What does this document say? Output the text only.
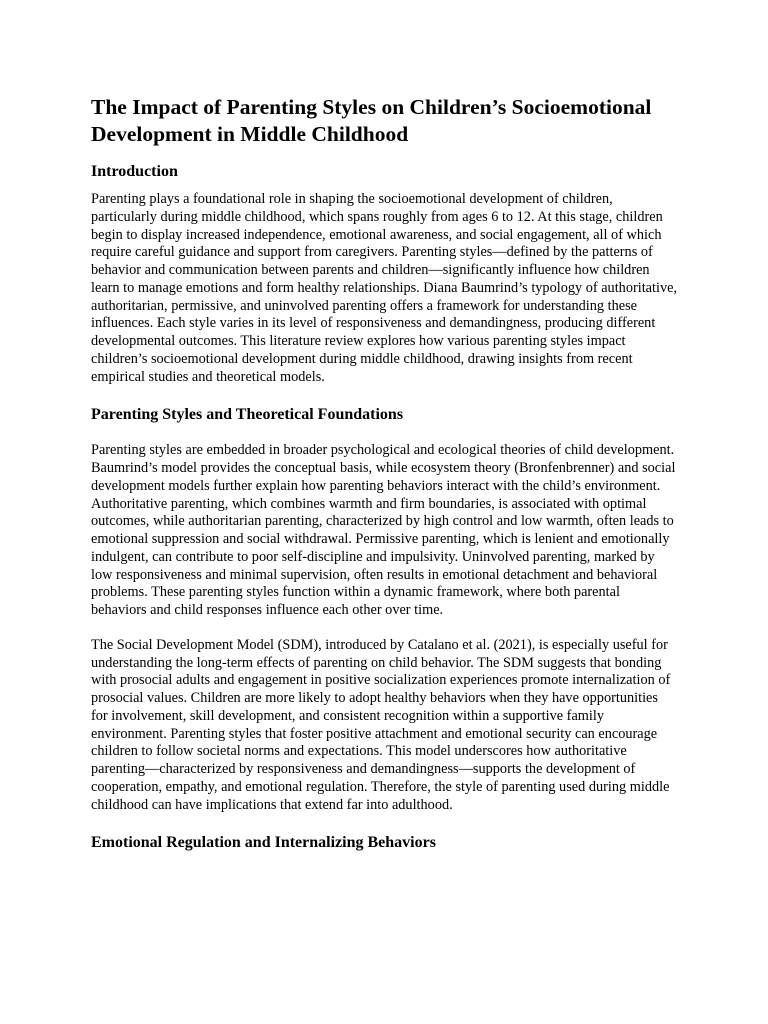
The Impact of Parenting Styles on Children’s Socioemotional Development in Middle Childhood
Introduction

Parenting plays a foundational role in shaping the socioemotional development of children, particularly during middle childhood, which spans roughly from ages 6 to 12. At this stage, children begin to display increased independence, emotional awareness, and social engagement, all of which require careful guidance and support from caregivers. Parenting styles—defined by the patterns of behavior and communication between parents and children—significantly influence how children learn to manage emotions and form healthy relationships. Diana Baumrind’s typology of authoritative, authoritarian, permissive, and uninvolved parenting offers a framework for understanding these influences. Each style varies in its level of responsiveness and demandingness, producing different developmental outcomes. This literature review explores how various parenting styles impact children’s socioemotional development during middle childhood, drawing insights from recent empirical studies and theoretical models.

Parenting Styles and Theoretical Foundations

Parenting styles are embedded in broader psychological and ecological theories of child development. Baumrind’s model provides the conceptual basis, while ecosystem theory (Bronfenbrenner) and social development models further explain how parenting behaviors interact with the child’s environment. Authoritative parenting, which combines warmth and firm boundaries, is associated with optimal outcomes, while authoritarian parenting, characterized by high control and low warmth, often leads to emotional suppression and social withdrawal. Permissive parenting, which is lenient and emotionally indulgent, can contribute to poor self-discipline and impulsivity. Uninvolved parenting, marked by low responsiveness and minimal supervision, often results in emotional detachment and behavioral problems. These parenting styles function within a dynamic framework, where both parental behaviors and child responses influence each other over time.

The Social Development Model (SDM), introduced by Catalano et al. (2021), is especially useful for understanding the long-term effects of parenting on child behavior. The SDM suggests that bonding with prosocial adults and engagement in positive socialization experiences promote internalization of prosocial values. Children are more likely to adopt healthy behaviors when they have opportunities for involvement, skill development, and consistent recognition within a supportive family environment. Parenting styles that foster positive attachment and emotional security can encourage children to follow societal norms and expectations. This model underscores how authoritative parenting—characterized by responsiveness and demandingness—supports the development of cooperation, empathy, and emotional regulation. Therefore, the style of parenting used during middle childhood can have implications that extend far into adulthood.

Emotional Regulation and Internalizing Behaviors
